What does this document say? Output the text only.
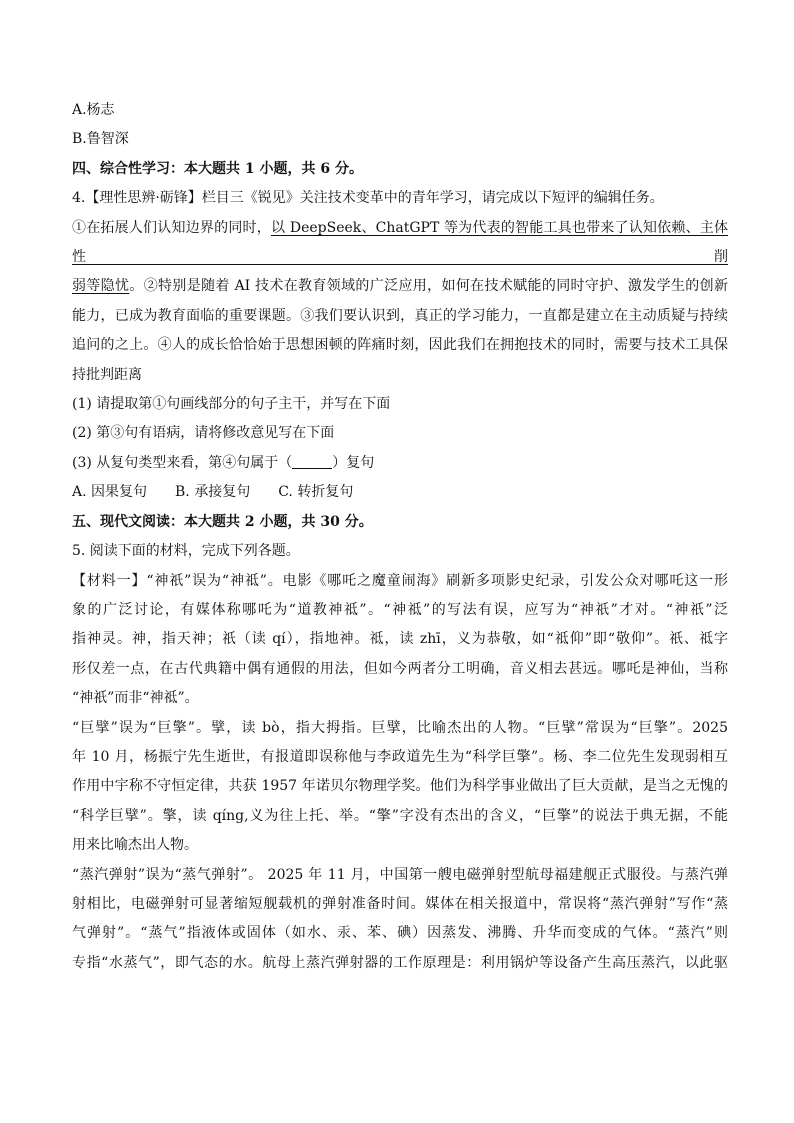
A.杨志
B.鲁智深
四、综合性学习：本大题共 1 小题，共 6 分。
4.【理性思辨·砺锋】栏目三《锐见》关注技术变革中的青年学习，请完成以下短评的编辑任务。
①在拓展人们认知边界的同时，以 DeepSeek、ChatGPT 等为代表的智能工具也带来了认知依赖、主体性削
弱等隐忧。②特别是随着 AI 技术在教育领域的广泛应用，如何在技术赋能的同时守护、激发学生的创新
能力，已成为教育面临的重要课题。③我们要认识到，真正的学习能力，一直都是建立在主动质疑与持续
追问的之上。④人的成长恰恰始于思想困顿的阵痛时刻，因此我们在拥抱技术的同时，需要与技术工具保
持批判距离
(1) 请提取第①句画线部分的句子主干，并写在下面
(2) 第③句有语病，请将修改意见写在下面
(3) 从复句类型来看，第④句属于（	）复句
A. 因果复句 B. 承接复句 C. 转折复句
五、现代文阅读：本大题共 2 小题，共 30 分。
5. 阅读下面的材料，完成下列各题。
【材料一】“神祇”误为“神祗”。电影《哪吒之魔童闹海》刷新多项影史纪录，引发公众对哪吒这一形
象的广泛讨论，有媒体称哪吒为“道教神祗”。“神祗”的写法有误，应写为“神祇”才对。“神祇”泛
指神灵。神，指天神；祇（读 qí），指地神。祗，读 zhī，义为恭敬，如“祗仰”即“敬仰”。祇、祗字
形仅差一点，在古代典籍中偶有通假的用法，但如今两者分工明确，音义相去甚远。哪吒是神仙，当称
“神祇”而非“神祗”。
“巨擘”误为“巨擎”。擘，读 bò，指大拇指。巨擘，比喻杰出的人物。“巨擘”常误为“巨擎”。2025
年 10 月，杨振宁先生逝世，有报道即误称他与李政道先生为“科学巨擎”。杨、李二位先生发现弱相互
作用中宇称不守恒定律，共获 1957 年诺贝尔物理学奖。他们为科学事业做出了巨大贡献，是当之无愧的
“科学巨擘”。擎，读 qíng,义为往上托、举。“擎”字没有杰出的含义，“巨擎”的说法于典无据，不能
用来比喻杰出人物。
“蒸汽弹射”误为“蒸气弹射”。 2025 年 11 月，中国第一艘电磁弹射型航母福建舰正式服役。与蒸汽弹
射相比，电磁弹射可显著缩短舰载机的弹射准备时间。媒体在相关报道中，常误将“蒸汽弹射”写作“蒸
气弹射”。“蒸气”指液体或固体（如水、汞、苯、碘）因蒸发、沸腾、升华而变成的气体。“蒸汽”则
专指“水蒸气”，即气态的水。航母上蒸汽弹射器的工作原理是：利用锅炉等设备产生高压蒸汽，以此驱
